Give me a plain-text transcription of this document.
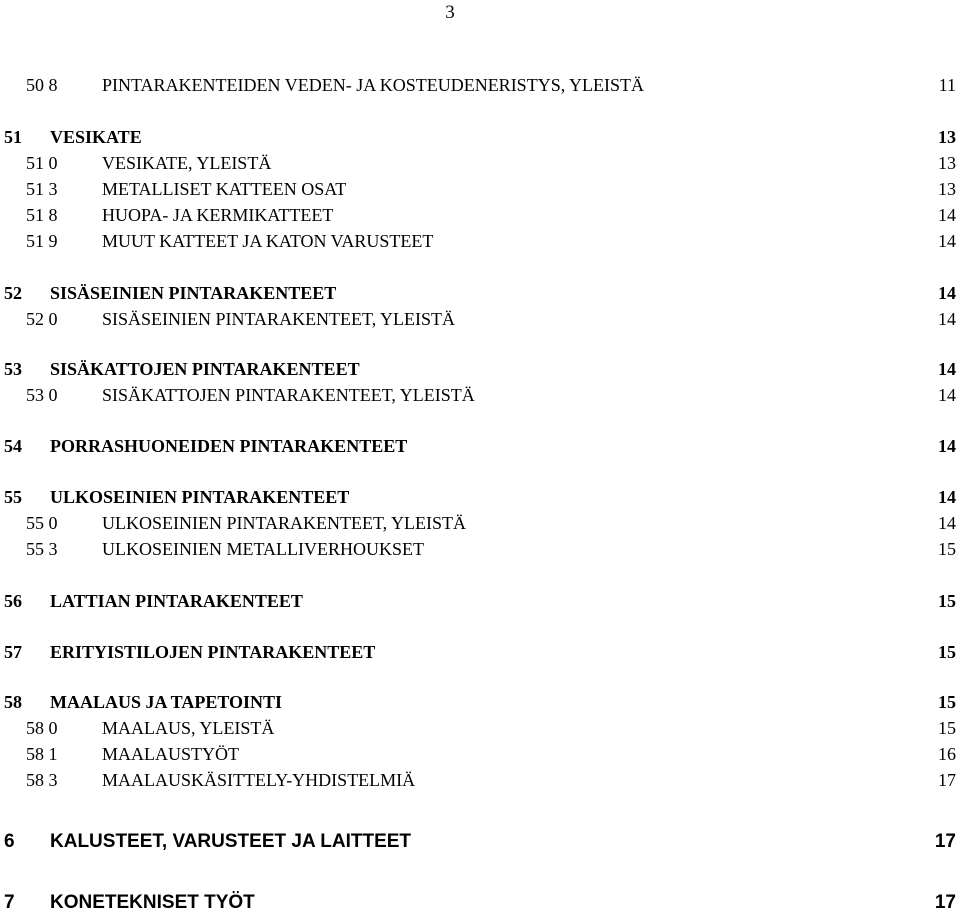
3
50 8 PINTARAKENTEIDEN VEDEN- JA KOSTEUDENERISTYS, YLEISTÄ	11
51 VESIKATE	13
51 0 VESIKATE, YLEISTÄ	13
51 3 METALLISET KATTEEN OSAT	13
51 8 HUOPA- JA KERMIKATTEET	14
51 9 MUUT KATTEET JA KATON VARUSTEET	14
52 SISÄSEINIEN PINTARAKENTEET	14
52 0 SISÄSEINIEN PINTARAKENTEET, YLEISTÄ	14
53 SISÄKATTOJEN PINTARAKENTEET	14
53 0 SISÄKATTOJEN PINTARAKENTEET, YLEISTÄ	14
54 PORRASHUONEIDEN PINTARAKENTEET	14
55 ULKOSEINIEN PINTARAKENTEET	14
55 0 ULKOSEINIEN PINTARAKENTEET, YLEISTÄ	14
55 3 ULKOSEINIEN METALLIVERHOUKSET	15
56 LATTIAN PINTARAKENTEET	15
57 ERITYISTILOJEN PINTARAKENTEET	15
58 MAALAUS JA TAPETOINTI	15
58 0 MAALAUS, YLEISTÄ	15
58 1 MAALAUSTYÖT	16
58 3 MAALAUSKÄSITTELY-YHDISTELMIÄ	17
6 KALUSTEET, VARUSTEET JA LAITTEET	17
7 KONETEKNISET TYÖT	17
